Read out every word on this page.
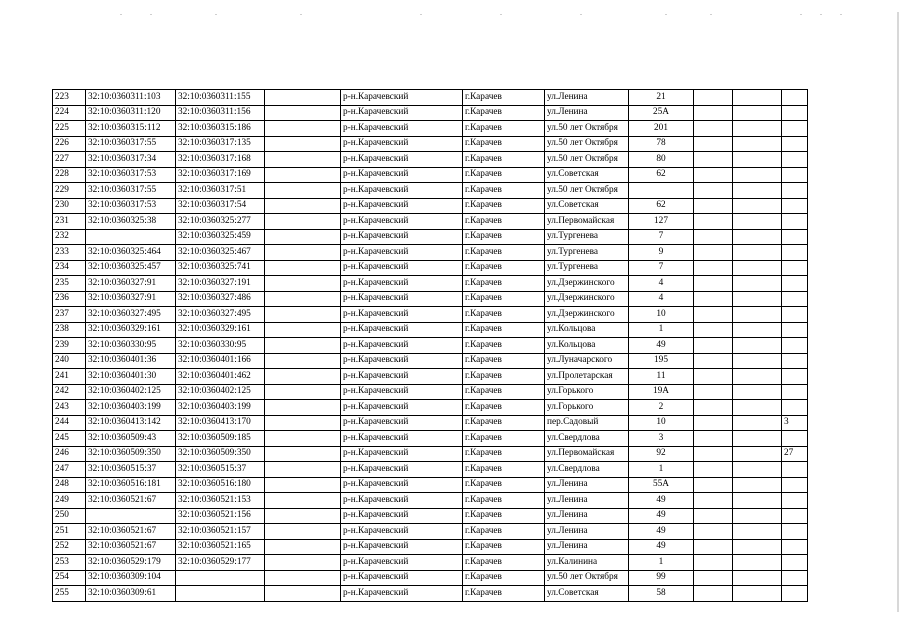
223	32:10:0360311:103	32:10:0360311:155		р-н.Карачевский	г.Карачев	ул.Ленина	21			
224	32:10:0360311:120	32:10:0360311:156		р-н.Карачевский	г.Карачев	ул.Ленина	25А			
225	32:10:0360315:112	32:10:0360315:186		р-н.Карачевский	г.Карачев	ул.50 лет Октября	201			
226	32:10:0360317:55	32:10:0360317:135		р-н.Карачевский	г.Карачев	ул.50 лет Октября	78			
227	32:10:0360317:34	32:10:0360317:168		р-н.Карачевский	г.Карачев	ул.50 лет Октября	80			
228	32:10:0360317:53	32:10:0360317:169		р-н.Карачевский	г.Карачев	ул.Советская	62			
229	32:10:0360317:55	32:10:0360317:51		р-н.Карачевский	г.Карачев	ул.50 лет Октября				
230	32:10:0360317:53	32:10:0360317:54		р-н.Карачевский	г.Карачев	ул.Советская	62			
231	32:10:0360325:38	32:10:0360325:277		р-н.Карачевский	г.Карачев	ул.Первомайская	127			
232		32:10:0360325:459		р-н.Карачевский	г.Карачев	ул.Тургенева	7			
233	32:10:0360325:464	32:10:0360325:467		р-н.Карачевский	г.Карачев	ул.Тургенева	9			
234	32:10:0360325:457	32:10:0360325:741		р-н.Карачевский	г.Карачев	ул.Тургенева	7			
235	32:10:0360327:91	32:10:0360327:191		р-н.Карачевский	г.Карачев	ул.Дзержинского	4			
236	32:10:0360327:91	32:10:0360327:486		р-н.Карачевский	г.Карачев	ул.Дзержинского	4			
237	32:10:0360327:495	32:10:0360327:495		р-н.Карачевский	г.Карачев	ул.Дзержинского	10			
238	32:10:0360329:161	32:10:0360329:161		р-н.Карачевский	г.Карачев	ул.Кольцова	1			
239	32:10:0360330:95	32:10:0360330:95		р-н.Карачевский	г.Карачев	ул.Кольцова	49			
240	32:10:0360401:36	32:10:0360401:166		р-н.Карачевский	г.Карачев	ул.Луначарского	195			
241	32:10:0360401:30	32:10:0360401:462		р-н.Карачевский	г.Карачев	ул.Пролетарская	11			
242	32:10:0360402:125	32:10:0360402:125		р-н.Карачевский	г.Карачев	ул.Горького	19А			
243	32:10:0360403:199	32:10:0360403:199		р-н.Карачевский	г.Карачев	ул.Горького	2			
244	32:10:0360413:142	32:10:0360413:170		р-н.Карачевский	г.Карачев	пер.Садовый	10			3
245	32:10:0360509:43	32:10:0360509:185		р-н.Карачевский	г.Карачев	ул.Свердлова	3			
246	32:10:0360509:350	32:10:0360509:350		р-н.Карачевский	г.Карачев	ул.Первомайская	92			27
247	32:10:0360515:37	32:10:0360515:37		р-н.Карачевский	г.Карачев	ул.Свердлова	1			
248	32:10:0360516:181	32:10:0360516:180		р-н.Карачевский	г.Карачев	ул.Ленина	55А			
249	32:10:0360521:67	32:10:0360521:153		р-н.Карачевский	г.Карачев	ул.Ленина	49			
250		32:10:0360521:156		р-н.Карачевский	г.Карачев	ул.Ленина	49			
251	32:10:0360521:67	32:10:0360521:157		р-н.Карачевский	г.Карачев	ул.Ленина	49			
252	32:10:0360521:67	32:10:0360521:165		р-н.Карачевский	г.Карачев	ул.Ленина	49			
253	32:10:0360529:179	32:10:0360529:177		р-н.Карачевский	г.Карачев	ул.Калинина	1			
254	32:10:0360309:104			р-н.Карачевский	г.Карачев	ул.50 лет Октября	99			
255	32:10:0360309:61			р-н.Карачевский	г.Карачев	ул.Советская	58			
